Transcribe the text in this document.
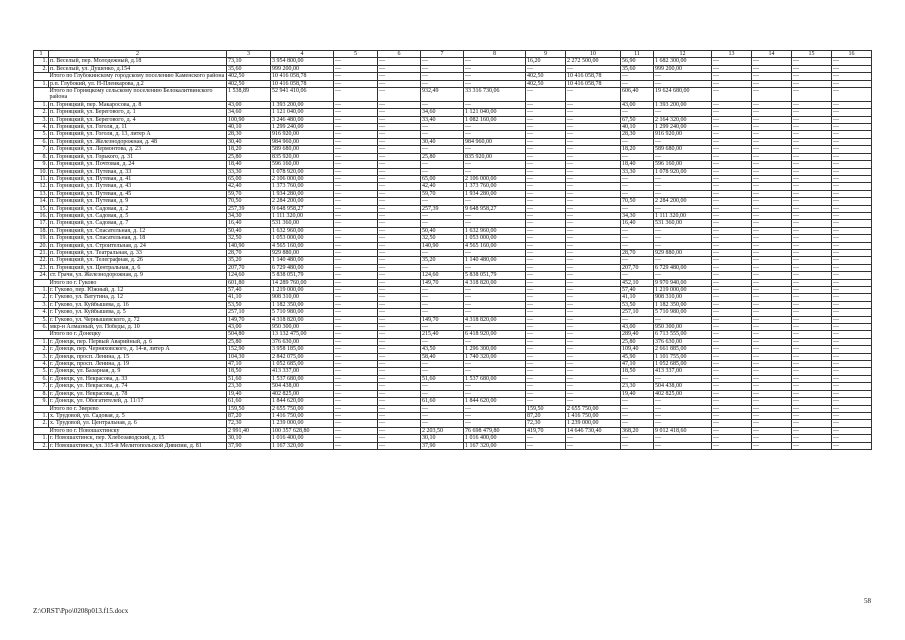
1	2	3	4	5	6	7	8	9	10	11	12	13	14	15	16
1.	п. Веселый, пер. Молодежный, д.18	73,10	3 954 800,00	—	—	—	—	16,20	2 272 500,00	56,90	1 682 300,00	—	—	—	—
2.	п. Веселый, ул. Душенко, д.154	35,60	999 200,00	—	—	—	—	—	—	35,60	999 200,00	—	—	—	—
	Итого по Глубокинскому городскому поселению Каменского района	402,50	10 416 058,78	—	—	—	—	402,50	10 416 058,78	—	—	—	—	—	—
1.	р.п. Глубокий, ул. Н-Пленкарова, д.2	402,50	10 416 058,78	—	—	—	—	402,50	10 416 058,78	—	—	—	—	—	—
	Итого по Горняцкому сельскому поселению Белокалитвинского района	1 538,89	52 941 410,06	—	—	932,49	33 316 730,06	—	—	606,40	19 624 680,00	—	—	—	—
1.	п. Горняцкий, пер. Макаросова, д. 8	43,00	1 393 200,00	—	—	—	—	—	—	43,00	1 393 200,00	—	—	—	—
2.	п. Горняцкий, ул. Берегового, д. 1	34,60	1 121 040,00	—	—	34,60	1 121 040,00	—	—	—	—	—	—	—	—
3.	п. Горняцкий, ул. Берегового, д. 4	100,90	3 246 480,00	—	—	33,40	1 082 160,00	—	—	67,50	2 164 320,00	—	—	—	—
4.	п. Горняцкий, ул. Гоголя, д. 11	40,10	1 299 240,00	—	—	—	—	—	—	40,10	1 299 240,00	—	—	—	—
5.	п. Горняцкий, ул. Гоголя, д. 13, литер А	28,30	916 920,00	—	—	—	—	—	—	28,30	916 920,00	—	—	—	—
6.	п. Горняцкий, ул. Железнодорожная, д. 48	30,40	984 960,00	—	—	30,40	984 960,00	—	—	—	—	—	—	—	—
7.	п. Горняцкий, ул. Лермонтова, д. 23	18,20	589 680,00	—	—	—	—	—	—	18,20	589 680,00	—	—	—	—
8.	п. Горняцкий, ул. Горького, д. 31	25,80	835 920,00	—	—	25,80	835 920,00	—	—	—	—	—	—	—	—
9.	п. Горняцкий, ул. Почтовая, д. 24	18,40	596 160,00	—	—	—	—	—	—	18,40	596 160,00	—	—	—	—
10.	п. Горняцкий, ул. Путевая, д. 33	33,30	1 078 920,00	—	—	—	—	—	—	33,30	1 078 920,00	—	—	—	—
11.	п. Горняцкий, ул. Путевая, д. 41	65,00	2 106 000,00	—	—	65,00	2 106 000,00	—	—	—	—	—	—	—	—
12.	п. Горняцкий, ул. Путевая, д. 43	42,40	1 373 760,00	—	—	42,40	1 373 760,00	—	—	—	—	—	—	—	—
13.	п. Горняцкий, ул. Путевая, д. 45	59,70	1 934 280,00	—	—	59,70	1 934 280,00	—	—	—	—	—	—	—	—
14.	п. Горняцкий, ул. Путевая, д. 9	70,50	2 284 200,00	—	—	—	—	—	—	70,50	2 284 200,00	—	—	—	—
15.	п. Горняцкий, ул. Садовая, д. 2	257,39	9 648 958,27	—	—	257,39	9 648 958,27	—	—	—	—	—	—	—	—
16.	п. Горняцкий, ул. Садовая, д. 5	34,30	1 111 320,00	—	—	—	—	—	—	34,30	1 111 320,00	—	—	—	—
17.	п. Горняцкий, ул. Садовая, д. 7	16,40	531 360,00	—	—	—	—	—	—	16,40	531 360,00	—	—	—	—
18.	п. Горняцкий, ул. Спасательная, д. 12	50,40	1 632 960,00	—	—	50,40	1 632 960,00	—	—	—	—	—	—	—	—
19.	п. Горняцкий, ул. Спасательная, д. 18	32,50	1 053 000,00	—	—	32,50	1 053 000,00	—	—	—	—	—	—	—	—
20.	п. Горняцкий, ул. Строительная, д. 24	140,90	4 565 160,00	—	—	140,90	4 565 160,00	—	—	—	—	—	—	—	—
21.	п. Горняцкий, ул. Театральная, д. 33	28,70	929 880,00	—	—	—	—	—	—	28,70	929 880,00	—	—	—	—
22.	п. Горняцкий, ул. Телеграфная, д. 26	35,20	1 140 480,00	—	—	35,20	1 140 480,00	—	—	—	—	—	—	—	—
23.	п. Горняцкий, ул. Центральная, д. 6	207,70	6 729 480,00	—	—	—	—	—	—	207,70	6 729 480,00	—	—	—	—
24.	ст. Грачи, ул. Железнодорожная, д. 9	124,60	5 838 051,79	—	—	124,60	5 838 051,79	—	—	—	—	—	—	—	—
	Итого по г. Гуково	601,80	14 289 760,00	—	—	149,70	4 318 820,00	—	—	452,10	9 970 940,00	—	—	—	—
1.	г. Гуково, пер. Южный, д. 12	57,40	1 219 000,00	—	—	—	—	—	—	57,40	1 219 000,00	—	—	—	—
2.	г. Гуково, ул. Ватутина, д. 12	41,10	908 310,00	—	—	—	—	—	—	41,10	908 310,00	—	—	—	—
3.	г. Гуково, ул. Куйбышева, д. 16	53,50	1 182 350,00	—	—	—	—	—	—	53,50	1 182 350,00	—	—	—	—
4.	г. Гуково, ул. Куйбышева, д. 5	257,10	5 710 980,00	—	—	—	—	—	—	257,10	5 710 980,00	—	—	—	—
5.	г. Гуково, ул. Чернышевского, д. 72	149,70	4 318 820,00	—	—	149,70	4 318 820,00	—	—	—	—	—	—	—	—
6.	мкр-н Алмазный, ул. Победы, д. 10	43,00	950 300,00	—	—	—	—	—	—	43,00	950 300,00	—	—	—	—
	Итого по г. Донецку	504,80	13 132 475,00	—	—	215,40	6 418 920,00	—	—	289,40	6 713 555,00	—	—	—	—
1.	г. Донецк, пер. Первый Аварийный, д. 6	25,80	376 630,00	—	—	—	—	—	—	25,80	376 630,00	—	—	—	—
2.	г. Донецк, пер. Черняховского, д. 14-в, литер А	152,90	3 958 185,00	—	—	43,50	1 296 300,00	—	—	109,40	2 661 885,00	—	—	—	—
3.	г. Донецк, просп. Ленина, д. 15	104,30	2 842 075,00	—	—	58,40	1 740 320,00	—	—	45,90	1 101 755,00	—	—	—	—
4.	г. Донецк, просп. Ленина, д. 19	47,10	1 052 685,00	—	—	—	—	—	—	47,10	1 052 685,00	—	—	—	—
5.	г. Донецк, ул. Базарная, д. 9	18,50	413 337,00	—	—	—	—	—	—	18,50	413 337,00	—	—	—	—
6.	г. Донецк, ул. Некрасова, д. 33	51,60	1 537 680,00	—	—	51,60	1 537 680,00	—	—	—	—	—	—	—	—
7.	г. Донецк, ул. Некрасова, д. 74	23,30	504 438,00	—	—	—	—	—	—	23,30	504 438,00	—	—	—	—
8.	г. Донецк, ул. Некрасова, д. 78	19,40	402 825,00	—	—	—	—	—	—	19,40	402 825,00	—	—	—	—
9.	г. Донецк, ул. Обогатителей, д. 11/17	61,60	1 844 620,00	—	—	61,60	1 844 620,00	—	—	—	—	—	—	—	—
	Итого по г. Зверево	159,50	2 655 750,00	—	—	—	—	159,50	2 655 750,00	—	—	—	—	—	—
1.	х. Трудовой, ул. Садовая, д. 5	87,20	1 416 750,00	—	—	—	—	87,20	1 416 750,00	—	—	—	—	—	—
2.	х. Трудовой, ул. Центральная, д. 6	72,30	1 239 000,00	—	—	—	—	72,30	1 239 000,00	—	—	—	—	—	—
	Итого по г. Новошахтинску	2 991,40	100 357 628,80	—	—	2 203,50	76 698 479,80	419,70	14 646 730,40	368,20	9 012 418,60	—	—	—	—
1.	г. Новошахтинск, пер. Хлебозаводский, д. 15	30,10	1 016 400,00	—	—	30,10	1 016 400,00	—	—	—	—	—	—	—	—
2.	г. Новошахтинск, ул. 315-й Мелитопольской Дивизии, д. 81	37,90	1 167 320,00	—	—	37,90	1 167 320,00	—	—	—	—	—	—	—	—
58
Z:\ORST\Ppo\0208p013.f15.docx
